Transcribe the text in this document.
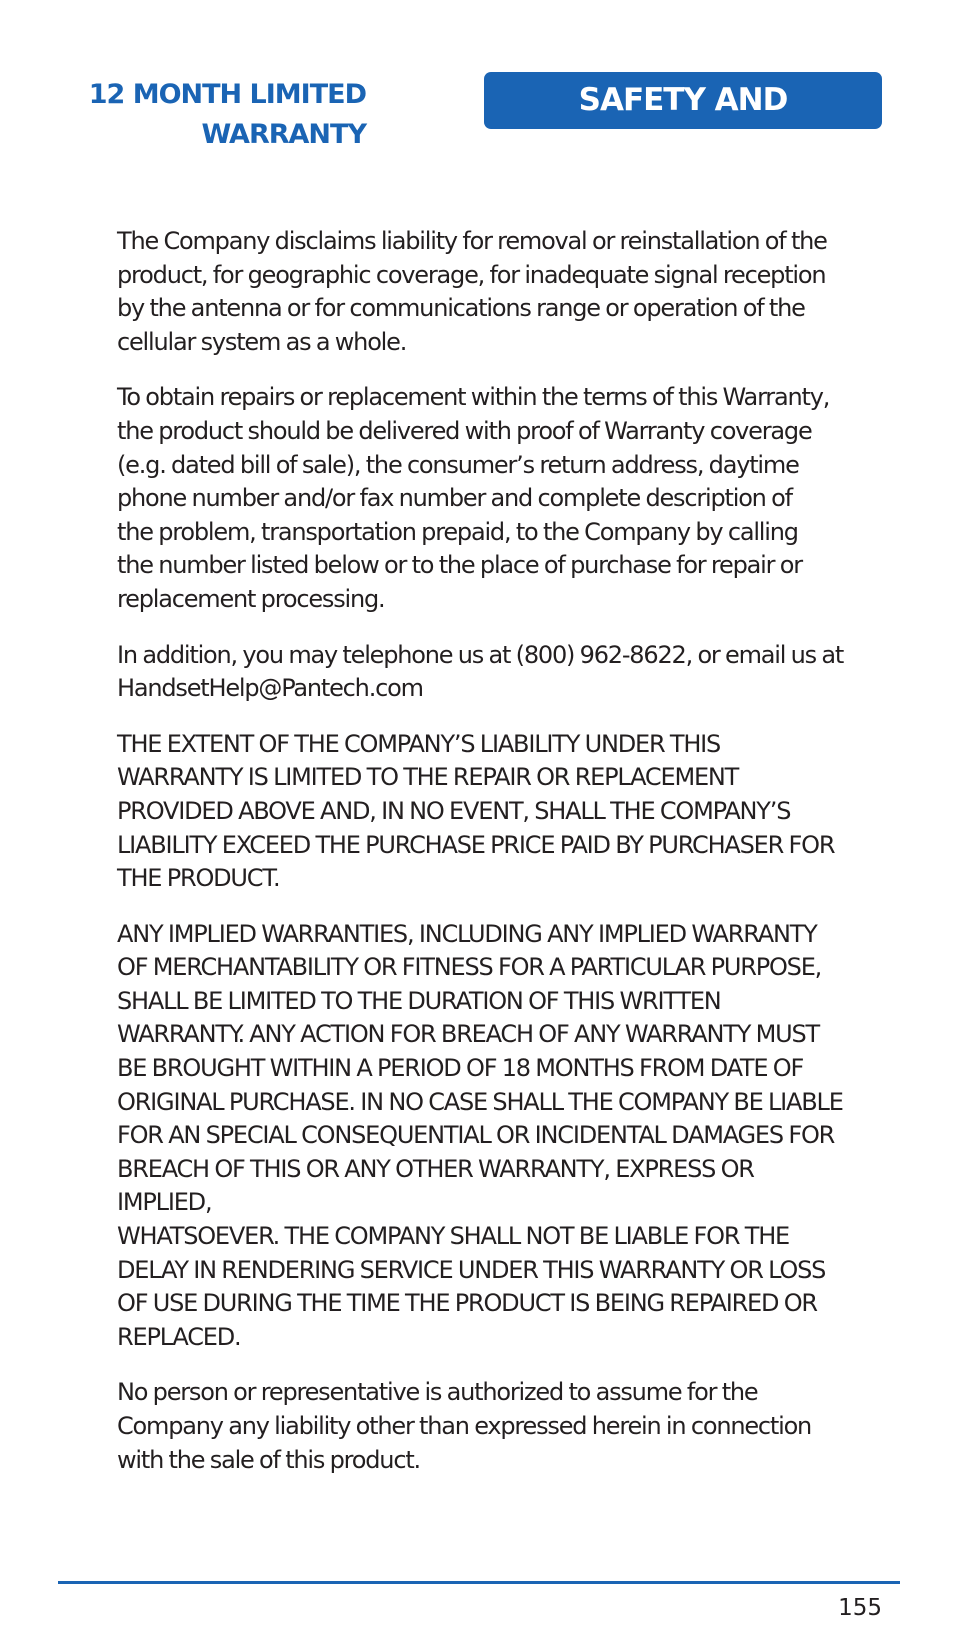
12 MONTH LIMITED
WARRANTY
SAFETY AND WARRANTY

The Company disclaims liability for removal or reinstallation of the
product, for geographic coverage, for inadequate signal reception
by the antenna or for communications range or operation of the
cellular system as a whole.

To obtain repairs or replacement within the terms of this Warranty,
the product should be delivered with proof of Warranty coverage
(e.g. dated bill of sale), the consumer’s return address, daytime
phone number and/or fax number and complete description of
the problem, transportation prepaid, to the Company by calling
the number listed below or to the place of purchase for repair or
replacement processing.

In addition, you may telephone us at (800) 962-8622, or email us at
HandsetHelp@Pantech.com

THE EXTENT OF THE COMPANY’S LIABILITY UNDER THIS
WARRANTY IS LIMITED TO THE REPAIR OR REPLACEMENT
PROVIDED ABOVE AND, IN NO EVENT, SHALL THE COMPANY’S
LIABILITY EXCEED THE PURCHASE PRICE PAID BY PURCHASER FOR
THE PRODUCT.

ANY IMPLIED WARRANTIES, INCLUDING ANY IMPLIED WARRANTY
OF MERCHANTABILITY OR FITNESS FOR A PARTICULAR PURPOSE,
SHALL BE LIMITED TO THE DURATION OF THIS WRITTEN
WARRANTY. ANY ACTION FOR BREACH OF ANY WARRANTY MUST
BE BROUGHT WITHIN A PERIOD OF 18 MONTHS FROM DATE OF
ORIGINAL PURCHASE. IN NO CASE SHALL THE COMPANY BE LIABLE
FOR AN SPECIAL CONSEQUENTIAL OR INCIDENTAL DAMAGES FOR
BREACH OF THIS OR ANY OTHER WARRANTY, EXPRESS OR IMPLIED,
WHATSOEVER. THE COMPANY SHALL NOT BE LIABLE FOR THE
DELAY IN RENDERING SERVICE UNDER THIS WARRANTY OR LOSS
OF USE DURING THE TIME THE PRODUCT IS BEING REPAIRED OR
REPLACED.

No person or representative is authorized to assume for the
Company any liability other than expressed herein in connection
with the sale of this product.

155
